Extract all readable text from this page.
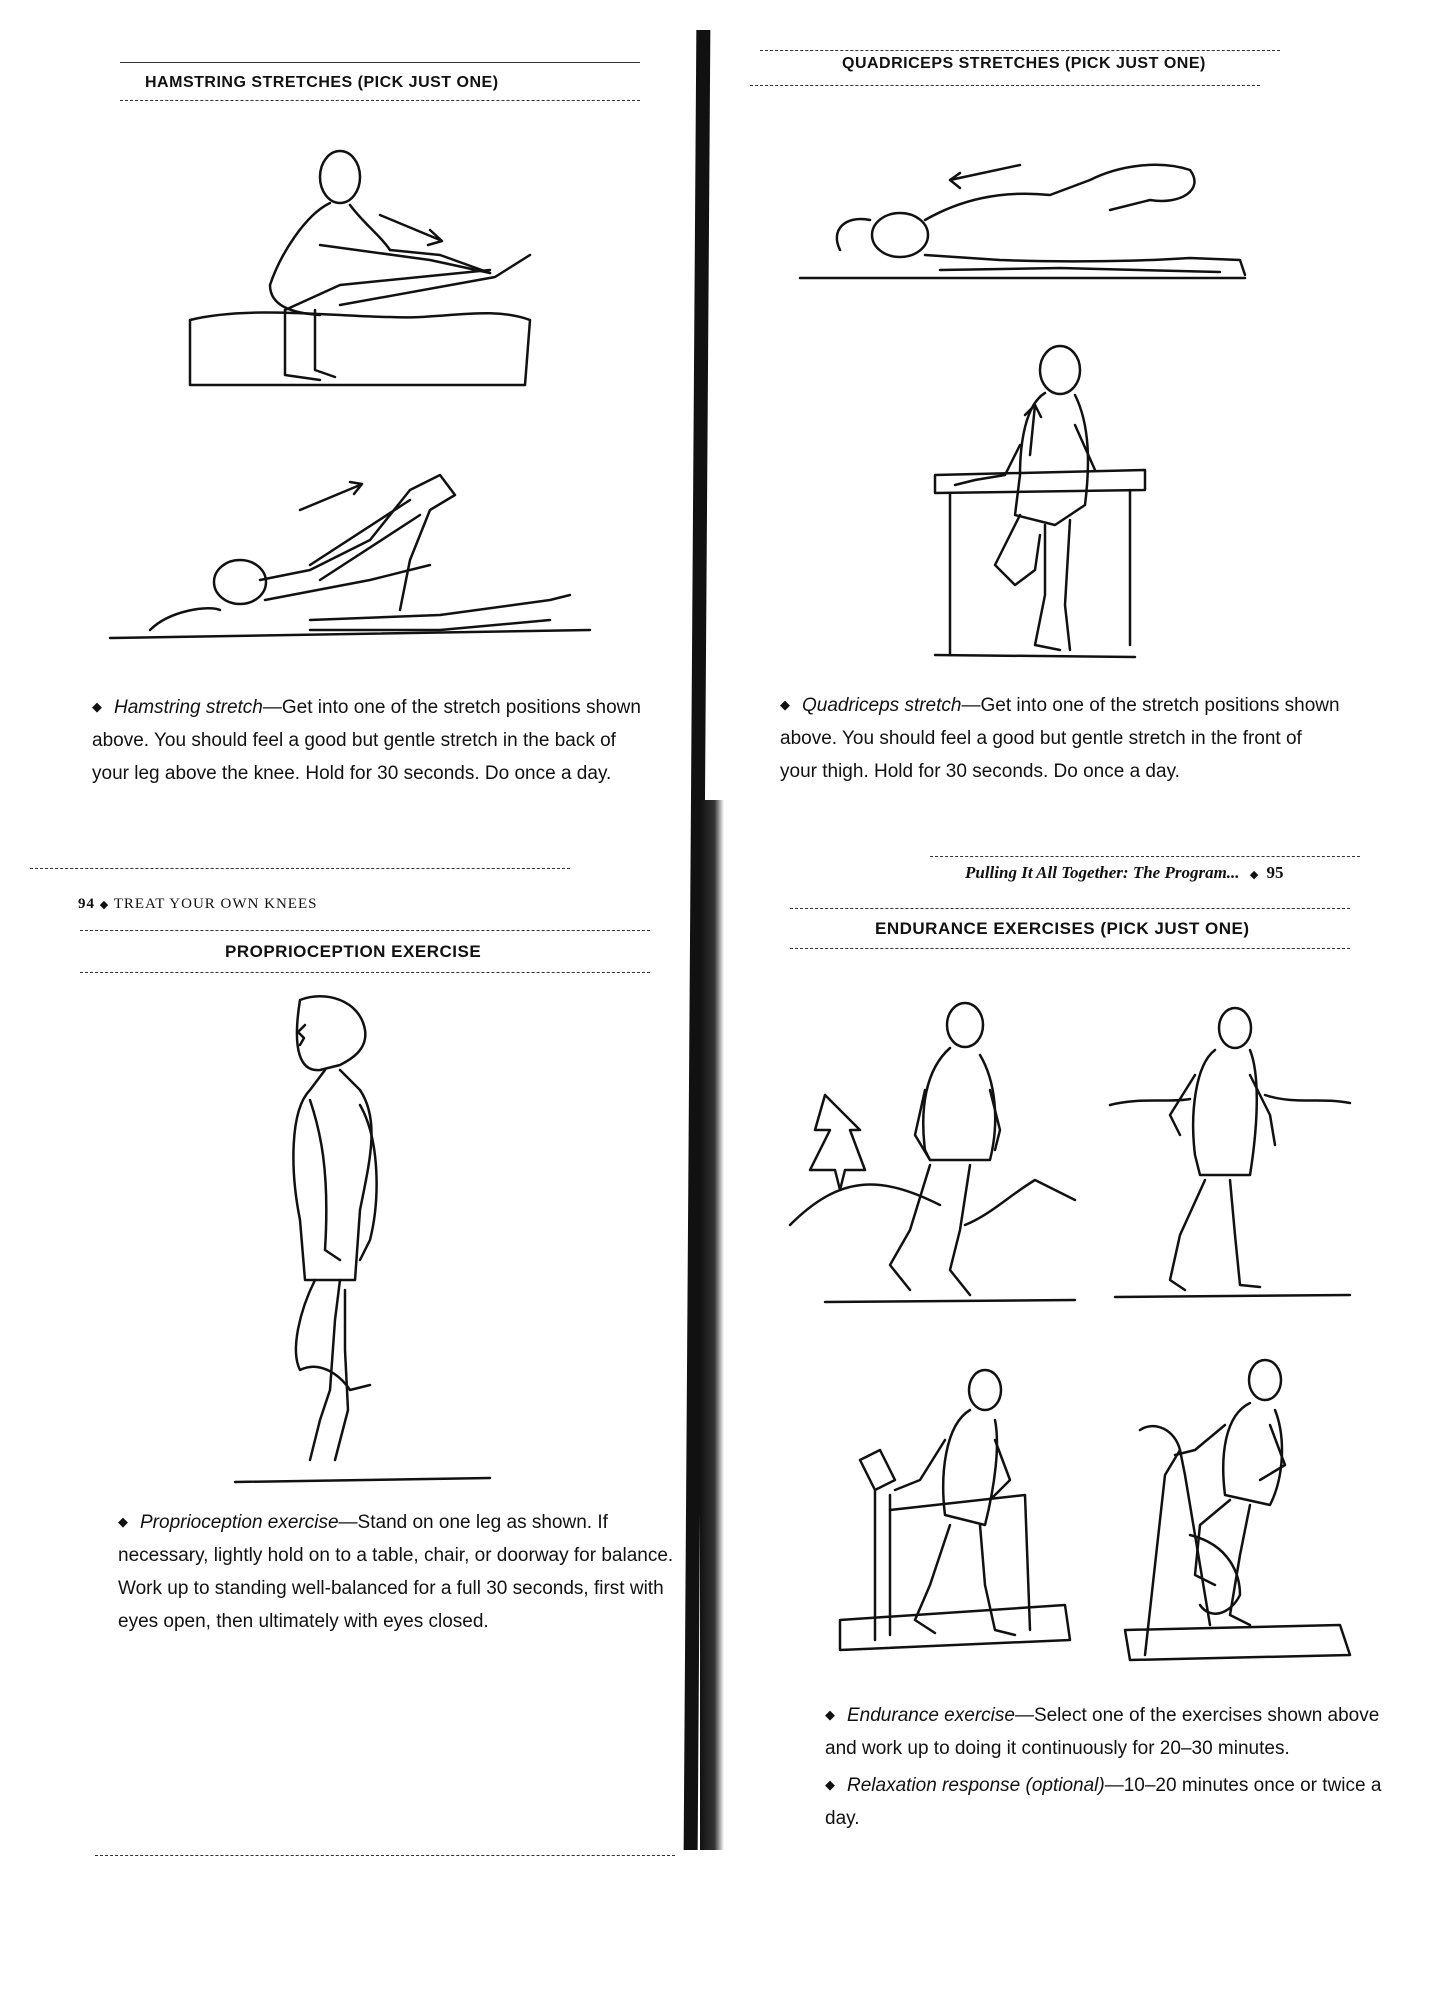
HAMSTRING STRETCHES (PICK JUST ONE)
◆ Hamstring stretch—Get into one of the stretch positions shown above. You should feel a good but gentle stretch in the back of your leg above the knee. Hold for 30 seconds. Do once a day.
94 ◆ TREAT YOUR OWN KNEES
PROPRIOCEPTION EXERCISE
◆ Proprioception exercise—Stand on one leg as shown. If necessary, lightly hold on to a table, chair, or doorway for balance. Work up to standing well-balanced for a full 30 seconds, first with eyes open, then ultimately with eyes closed.
QUADRICEPS STRETCHES (PICK JUST ONE)
◆ Quadriceps stretch—Get into one of the stretch positions shown above. You should feel a good but gentle stretch in the front of your thigh. Hold for 30 seconds. Do once a day.
Pulling It All Together: The Program... ◆ 95
ENDURANCE EXERCISES (PICK JUST ONE)
◆ Endurance exercise—Select one of the exercises shown above and work up to doing it continuously for 20–30 minutes.
◆ Relaxation response (optional)—10–20 minutes once or twice a day.
